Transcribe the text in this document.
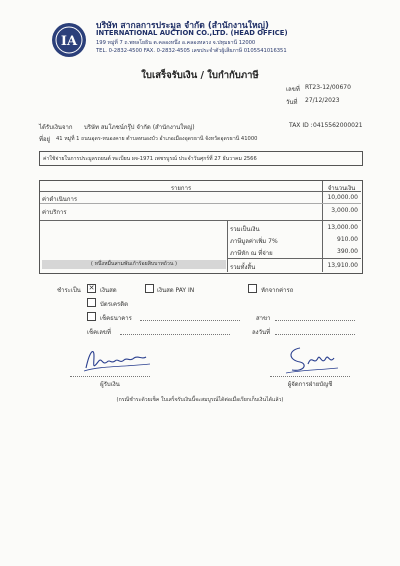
IA
บริษัท สากลการประมูล จำกัด (สำนักงานใหญ่)
INTERNATIONAL AUCTION CO.,LTD. (HEAD OFFICE)
199 หมู่ที่ 7 ถ.พหลโยธิน ต.คลองหนึ่ง อ.คลองหลวง จ.ปทุมธานี 12000
TEL. 0-2832-4500 FAX. 0-2832-4505 เลขประจำตัวผู้เสียภาษี 0105541016351
ใบเสร็จรับเงิน / ใบกำกับภาษี
เลขที่ RT23-12/00670
วันที่ 27/12/2023
ได้รับเงินจาก บริษัท สมโภชน์กรุ๊ป จำกัด (สำนักงานใหญ่)	TAX ID : 0415562000021
ที่อยู่ 41 หมู่ที่ 1 ถนนอุดร-หนองคาย ตำบลหนองบัว อำเภอเมืองอุดรธานี จังหวัดอุดรธานี 41000
ค่าใช้จ่ายในการประมูลรถยนต์ ทะเบียน ผจ-1971 เพชรบูรณ์ ประจำวันศุกร์ที่ 27 ธันวาคม 2566
รายการ	จำนวนเงิน
ค่าดำเนินการ	10,000.00
ค่าบริการ	3,000.00
รวมเป็นเงิน	13,000.00
ภาษีมูลค่าเพิ่ม 7%	910.00
ภาษีหัก ณ ที่จ่าย	390.00
รวมทั้งสิ้น	13,910.00
( หนึ่งหมื่นสามพันเก้าร้อยสิบบาทถ้วน )
ชำระเป็น ✕ เงินสด	เงินสด PAY IN	หักจากค่ารถ
บัตรเครดิต
เช็คธนาคาร	สาขา
เช็คเลขที่	ลงวันที่
ผู้รับเงิน	ผู้จัดการฝ่ายบัญชี
(กรณีชำระด้วยเช็ค ใบเสร็จรับเงินนี้จะสมบูรณ์ได้ต่อเมื่อเรียกเก็บเงินได้แล้ว)
